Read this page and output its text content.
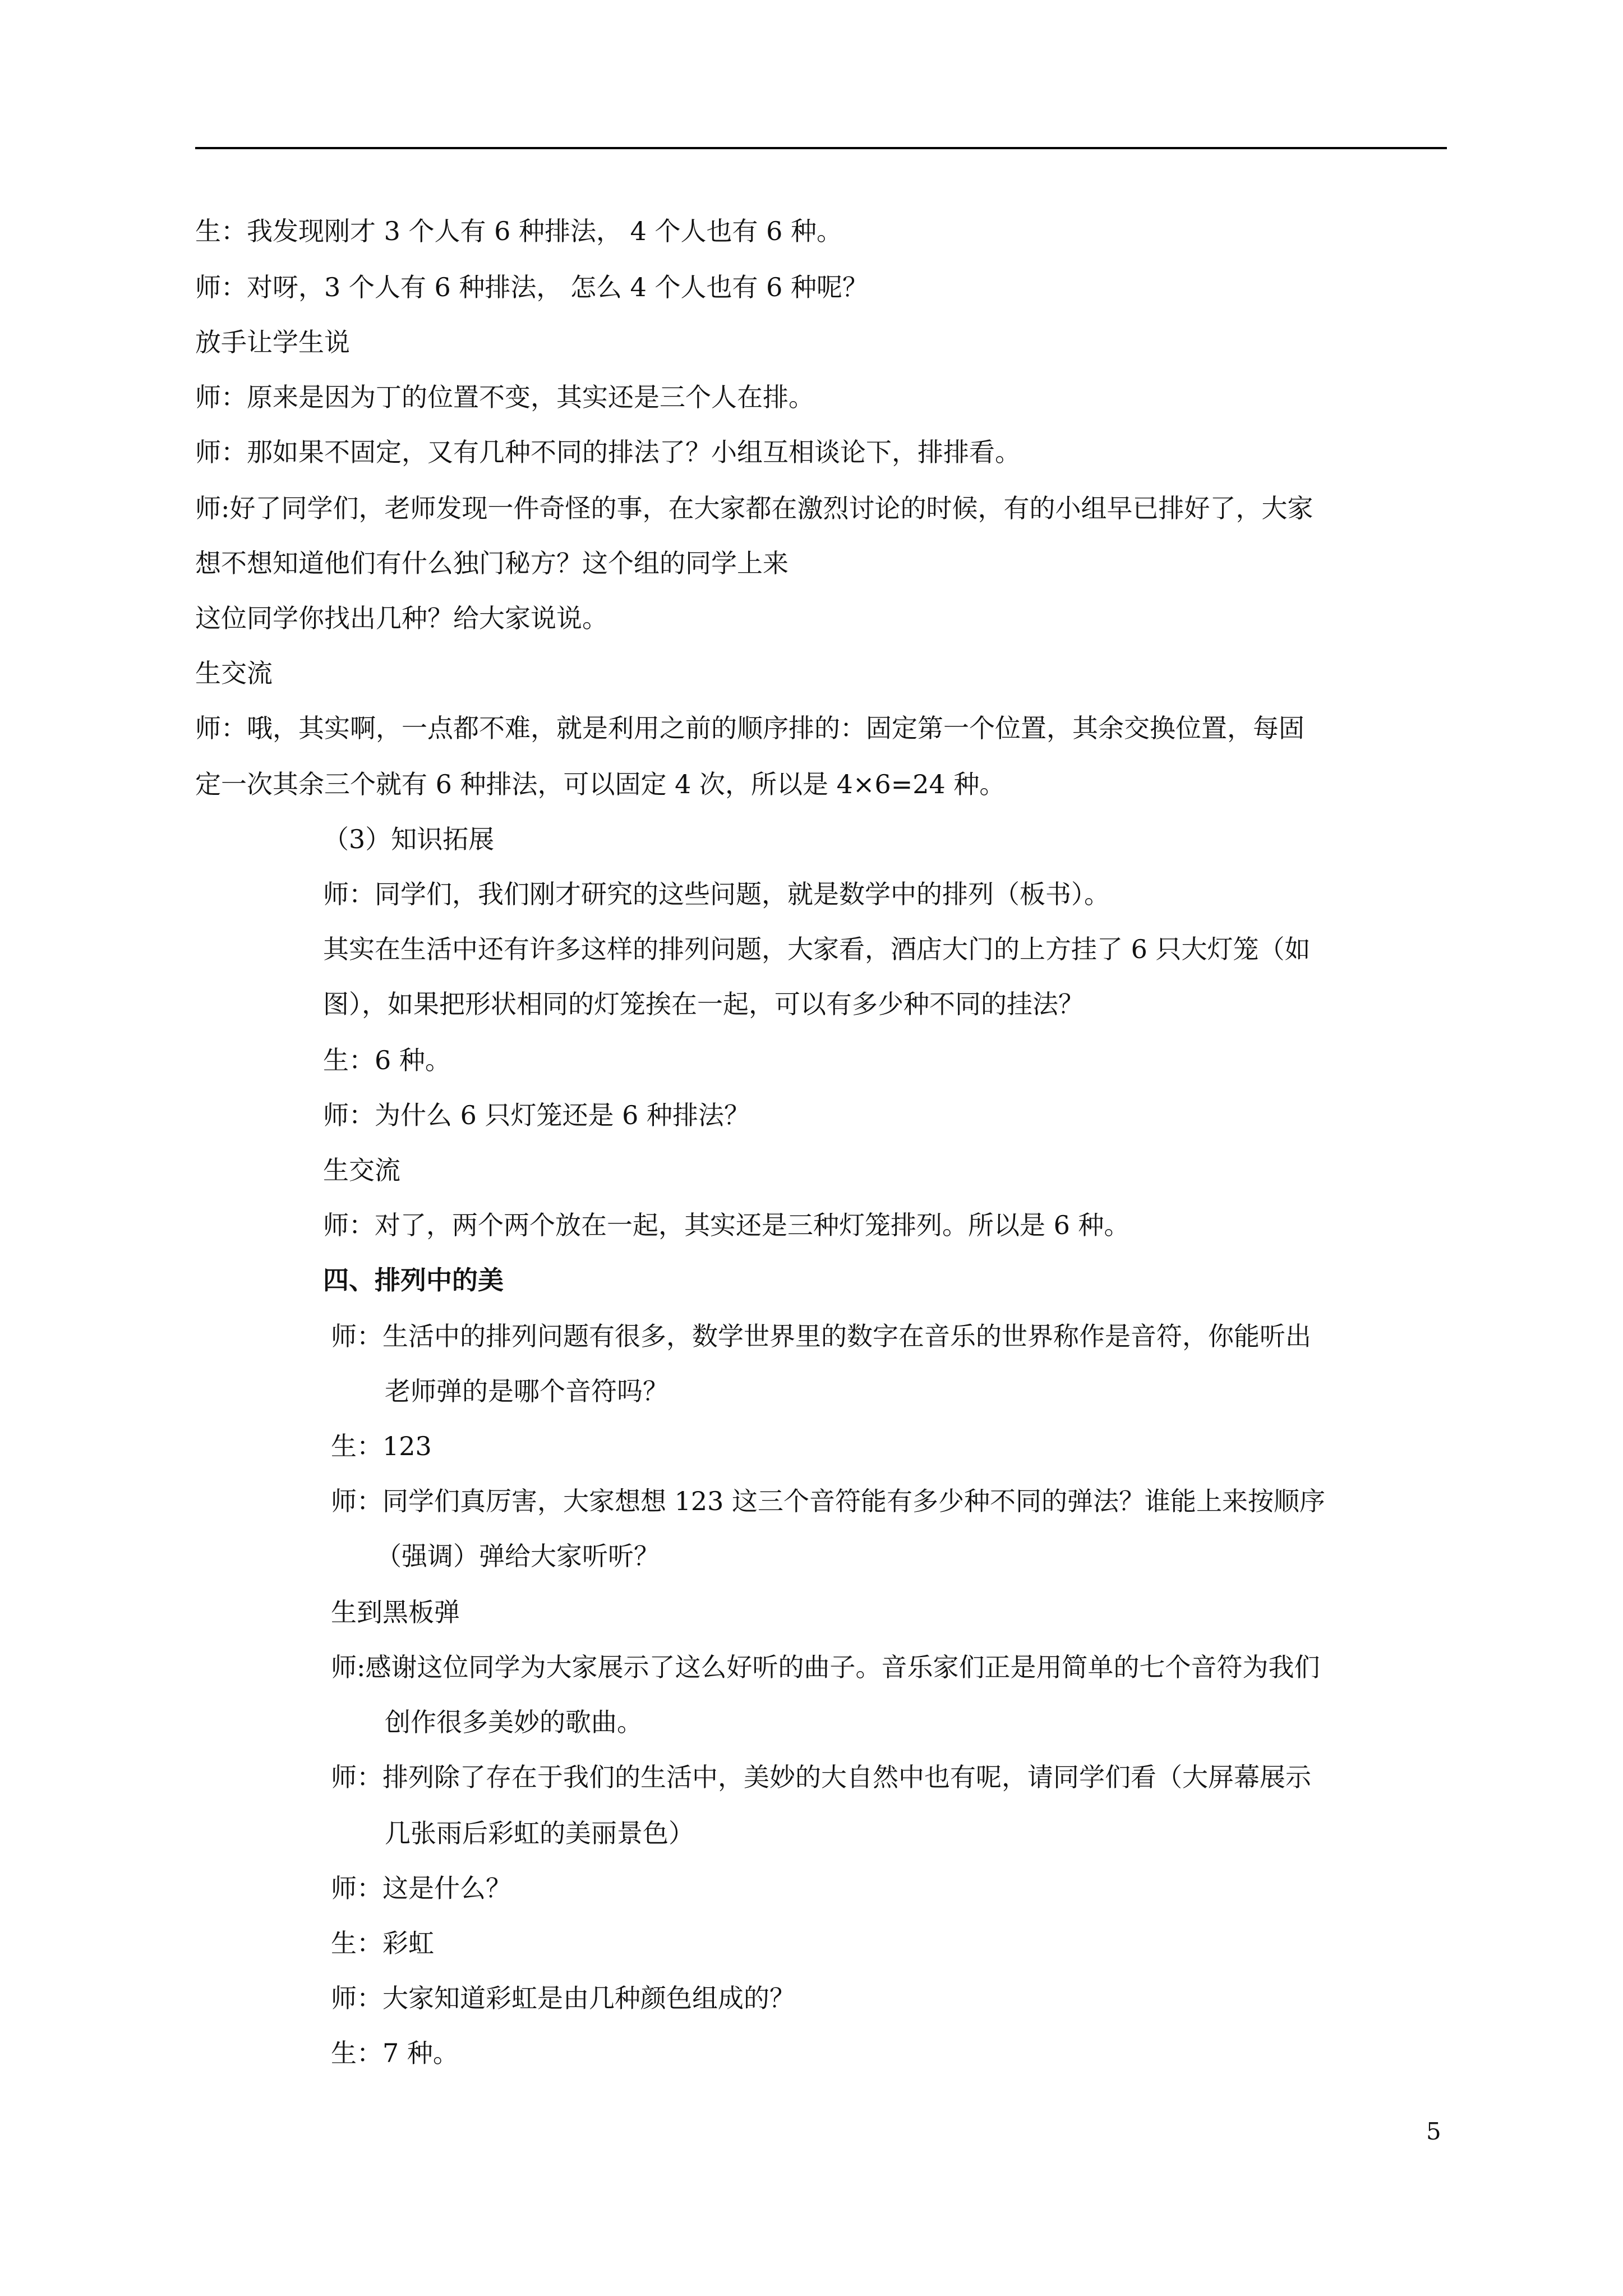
生：我发现刚才 3 个人有 6 种排法， 4 个人也有 6 种。
师：对呀，3 个人有 6 种排法， 怎么 4 个人也有 6 种呢？
放手让学生说
师：原来是因为丁的位置不变，其实还是三个人在排。
师：那如果不固定，又有几种不同的排法了？小组互相谈论下，排排看。
师:好了同学们，老师发现一件奇怪的事，在大家都在激烈讨论的时候，有的小组早已排好了，大家
想不想知道他们有什么独门秘方？这个组的同学上来
这位同学你找出几种？给大家说说。
生交流
师：哦，其实啊，一点都不难，就是利用之前的顺序排的：固定第一个位置，其余交换位置，每固
定一次其余三个就有 6 种排法，可以固定 4 次，所以是 4×6=24 种。
（3）知识拓展
师：同学们，我们刚才研究的这些问题，就是数学中的排列（板书）。
其实在生活中还有许多这样的排列问题，大家看，酒店大门的上方挂了 6 只大灯笼（如
图），如果把形状相同的灯笼挨在一起，可以有多少种不同的挂法？
生：6 种。
师：为什么 6 只灯笼还是 6 种排法？
生交流
师：对了，两个两个放在一起，其实还是三种灯笼排列。所以是 6 种。
四、排列中的美
师：生活中的排列问题有很多，数学世界里的数字在音乐的世界称作是音符，你能听出
老师弹的是哪个音符吗？
生：123
师：同学们真厉害，大家想想 123 这三个音符能有多少种不同的弹法？谁能上来按顺序
（强调）弹给大家听听？
生到黑板弹
师:感谢这位同学为大家展示了这么好听的曲子。音乐家们正是用简单的七个音符为我们
创作很多美妙的歌曲。
师：排列除了存在于我们的生活中，美妙的大自然中也有呢，请同学们看（大屏幕展示
几张雨后彩虹的美丽景色）
师：这是什么？
生：彩虹
师：大家知道彩虹是由几种颜色组成的？
生：7 种。
5
